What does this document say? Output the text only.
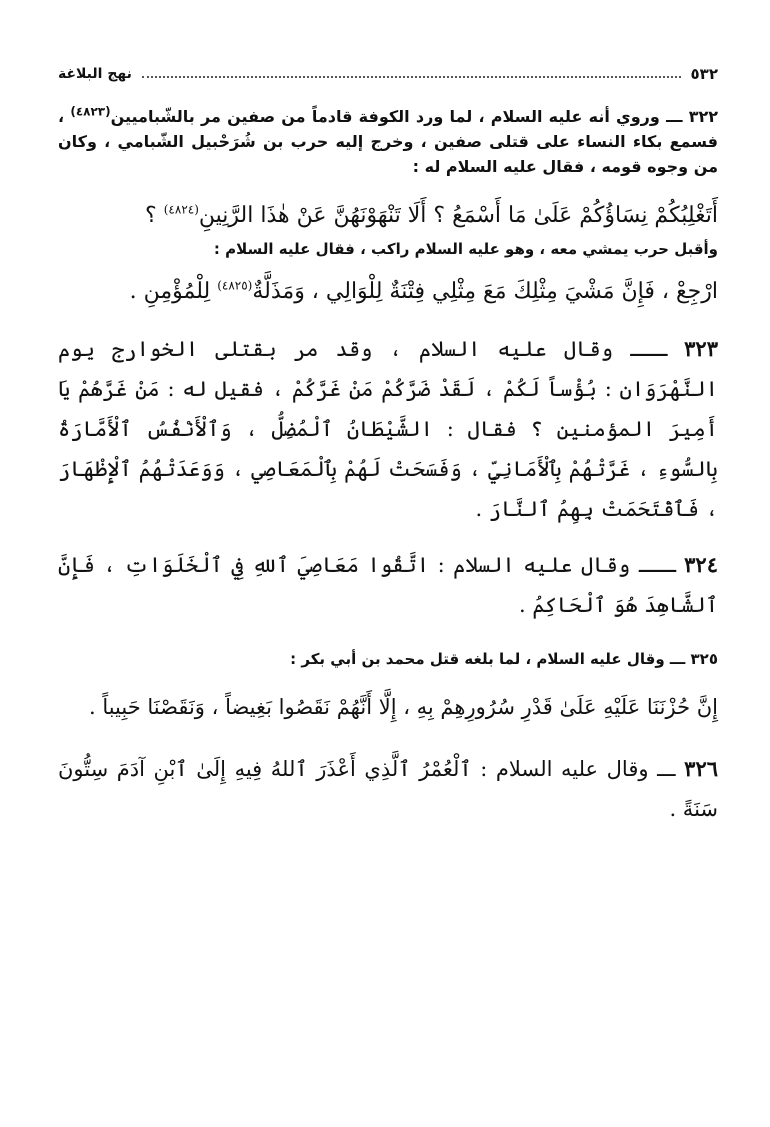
٥٣٢
نهج البلاغة

٣٢٢ ـــ وروي أنه عليه السلام ، لما ورد الكوفة قادماً من صفين مر بالشّباميين$^{(٤٨٢٣)}$ ، فسمع بكاء النساء على قتلى صفين ، وخرج إليه حرب بن شُرَحْبيل الشّبامي ، وكان من وجوه قومه ، فقال عليه السلام له :

أَتَغْلِبُكُمْ نِسَاؤُكُمْ عَلَىٰ مَا أَسْمَعُ ؟ أَلَا تَنْهَوْنَهُنَّ عَنْ هٰذَا الرَّنِينِ$^{(٤٨٢٤)}$ ؟

وأقبل حرب يمشي معه ، وهو عليه السلام راكب ، فقال عليه السلام :

ارْجِعْ ، فَإِنَّ مَشْيَ مِثْلِكَ مَعَ مِثْلِي فِتْنَةٌ لِلْوَالِي ، وَمَذَلَّةٌ$^{(٤٨٢٥)}$ لِلْمُؤْمِنِ .

٣٢٣ ـــ وقال عليه السلام ، وقد مر بقتلى الخوارج يوم النَّهْرَوَان : بُؤْساً لَكُمْ ، لَقَدْ ضَرَّكُمْ مَنْ غَرَّكُمْ ، فقيل له : مَنْ غَرَّهُمْ يَا أَمِيرَ المؤمنين ؟ فقال : الشَّيْطَانُ ٱلْمُضِلُّ ، وَٱلْأَنْفُسُ ٱلْأَمَّارَةُ بِالسُّوءِ ، غَرَّتْهُمْ بِٱلْأَمَانِيِّ ، وَفَسَحَتْ لَهُمْ بِٱلْمَعَاصِي ، وَوَعَدَتْهُمُ ٱلْإِظْهَارَ ، فَٱقْتَحَمَتْ بِهِمُ ٱلنَّارَ .

٣٢٤ ـــ وقال عليه السلام : اتَّقُوا مَعَاصِيَ ٱللهِ فِي ٱلْخَلَوَاتِ ، فَإِنَّ ٱلشَّاهِدَ هُوَ ٱلْحَاكِمُ .

٣٢٥ ـــ وقال عليه السلام ، لما بلغه قتل محمد بن أبي بكر :

إِنَّ حُزْنَنَا عَلَيْهِ عَلَىٰ قَدْرِ سُرُورِهِمْ بِهِ ، إِلَّا أَنَّهُمْ نَقَصُوا بَغِيضاً ، وَنَقَصْنَا حَبِيباً .

٣٢٦ ـــ وقال عليه السلام : ٱلْعُمْرُ ٱلَّذِي أَعْذَرَ ٱللهُ فِيهِ إِلَىٰ ٱبْنِ آدَمَ سِتُّونَ سَنَةً .
